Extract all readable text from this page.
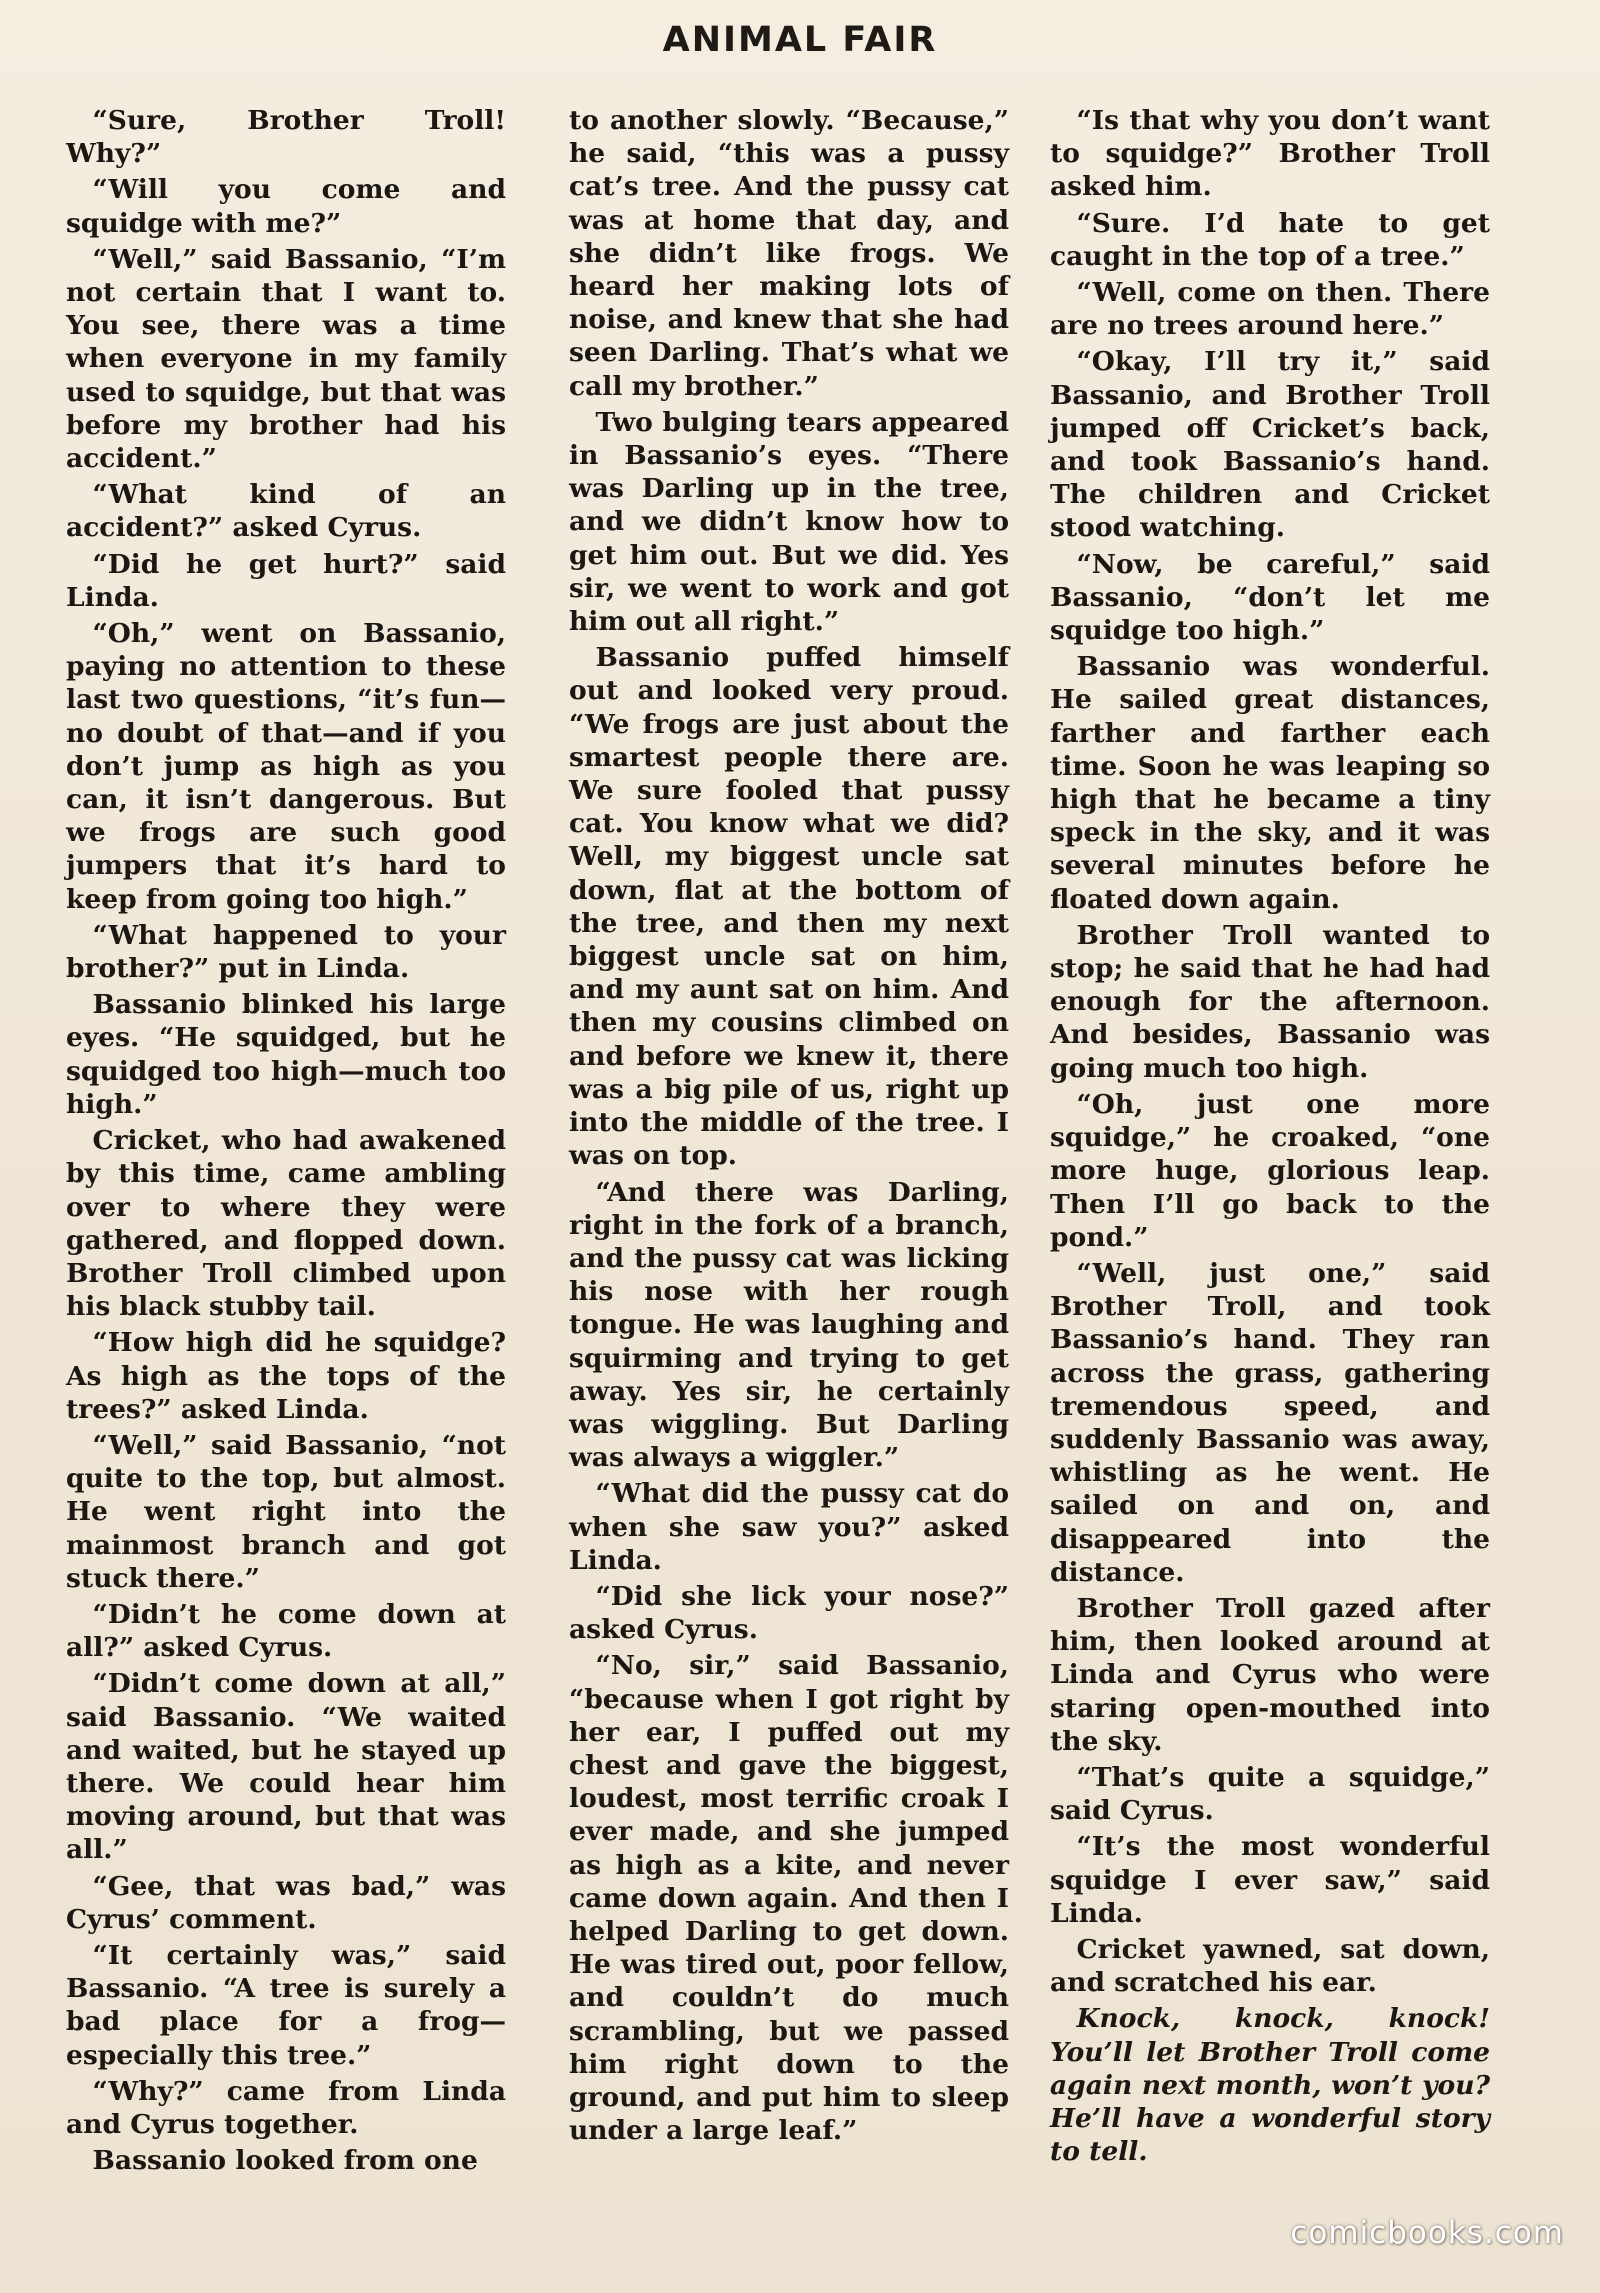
ANIMAL FAIR

“Sure, Brother Troll! Why?”

“Will you come and squidge with me?”

“Well,” said Bassanio, “I’m not certain that I want to. You see, there was a time when everyone in my family used to squidge, but that was before my brother had his accident.”

“What kind of an accident?” asked Cyrus.

“Did he get hurt?” said Linda.

“Oh,” went on Bassanio, paying no attention to these last two questions, “it’s fun—no doubt of that—and if you don’t jump as high as you can, it isn’t dangerous. But we frogs are such good jumpers that it’s hard to keep from going too high.”

“What happened to your brother?” put in Linda.

Bassanio blinked his large eyes. “He squidged, but he squidged too high—much too high.”

Cricket, who had awakened by this time, came ambling over to where they were gathered, and flopped down. Brother Troll climbed upon his black stubby tail.

“How high did he squidge? As high as the tops of the trees?” asked Linda.

“Well,” said Bassanio, “not quite to the top, but almost. He went right into the mainmost branch and got stuck there.”

“Didn’t he come down at all?” asked Cyrus.

“Didn’t come down at all,” said Bassanio. “We waited and waited, but he stayed up there. We could hear him moving around, but that was all.”

“Gee, that was bad,” was Cyrus’ comment.

“It certainly was,” said Bassanio. “A tree is surely a bad place for a frog—especially this tree.”

“Why?” came from Linda and Cyrus together.

Bassanio looked from one

to another slowly. “Because,” he said, “this was a pussy cat’s tree. And the pussy cat was at home that day, and she didn’t like frogs. We heard her making lots of noise, and knew that she had seen Darling. That’s what we call my brother.”

Two bulging tears appeared in Bassanio’s eyes. “There was Darling up in the tree, and we didn’t know how to get him out. But we did. Yes sir, we went to work and got him out all right.”

Bassanio puffed himself out and looked very proud. “We frogs are just about the smartest people there are. We sure fooled that pussy cat. You know what we did? Well, my biggest uncle sat down, flat at the bottom of the tree, and then my next biggest uncle sat on him, and my aunt sat on him. And then my cousins climbed on and before we knew it, there was a big pile of us, right up into the middle of the tree. I was on top.

“And there was Darling, right in the fork of a branch, and the pussy cat was licking his nose with her rough tongue. He was laughing and squirming and trying to get away. Yes sir, he certainly was wiggling. But Darling was always a wiggler.”

“What did the pussy cat do when she saw you?” asked Linda.

“Did she lick your nose?” asked Cyrus.

“No, sir,” said Bassanio, “because when I got right by her ear, I puffed out my chest and gave the biggest, loudest, most terrific croak I ever made, and she jumped as high as a kite, and never came down again. And then I helped Darling to get down. He was tired out, poor fellow, and couldn’t do much scrambling, but we passed him right down to the ground, and put him to sleep under a large leaf.”

“Is that why you don’t want to squidge?” Brother Troll asked him.

“Sure. I’d hate to get caught in the top of a tree.”

“Well, come on then. There are no trees around here.”

“Okay, I’ll try it,” said Bassanio, and Brother Troll jumped off Cricket’s back, and took Bassanio’s hand. The children and Cricket stood watching.

“Now, be careful,” said Bassanio, “don’t let me squidge too high.”

Bassanio was wonderful. He sailed great distances, farther and farther each time. Soon he was leaping so high that he became a tiny speck in the sky, and it was several minutes before he floated down again.

Brother Troll wanted to stop; he said that he had had enough for the afternoon. And besides, Bassanio was going much too high.

“Oh, just one more squidge,” he croaked, “one more huge, glorious leap. Then I’ll go back to the pond.”

“Well, just one,” said Brother Troll, and took Bassanio’s hand. They ran across the grass, gathering tremendous speed, and suddenly Bassanio was away, whistling as he went. He sailed on and on, and disappeared into the distance.

Brother Troll gazed after him, then looked around at Linda and Cyrus who were staring open-mouthed into the sky.

“That’s quite a squidge,” said Cyrus.

“It’s the most wonderful squidge I ever saw,” said Linda.

Cricket yawned, sat down, and scratched his ear.

Knock, knock, knock! You’ll let Brother Troll come again next month, won’t you? He’ll have a wonderful story to tell.

comicbooks.com
